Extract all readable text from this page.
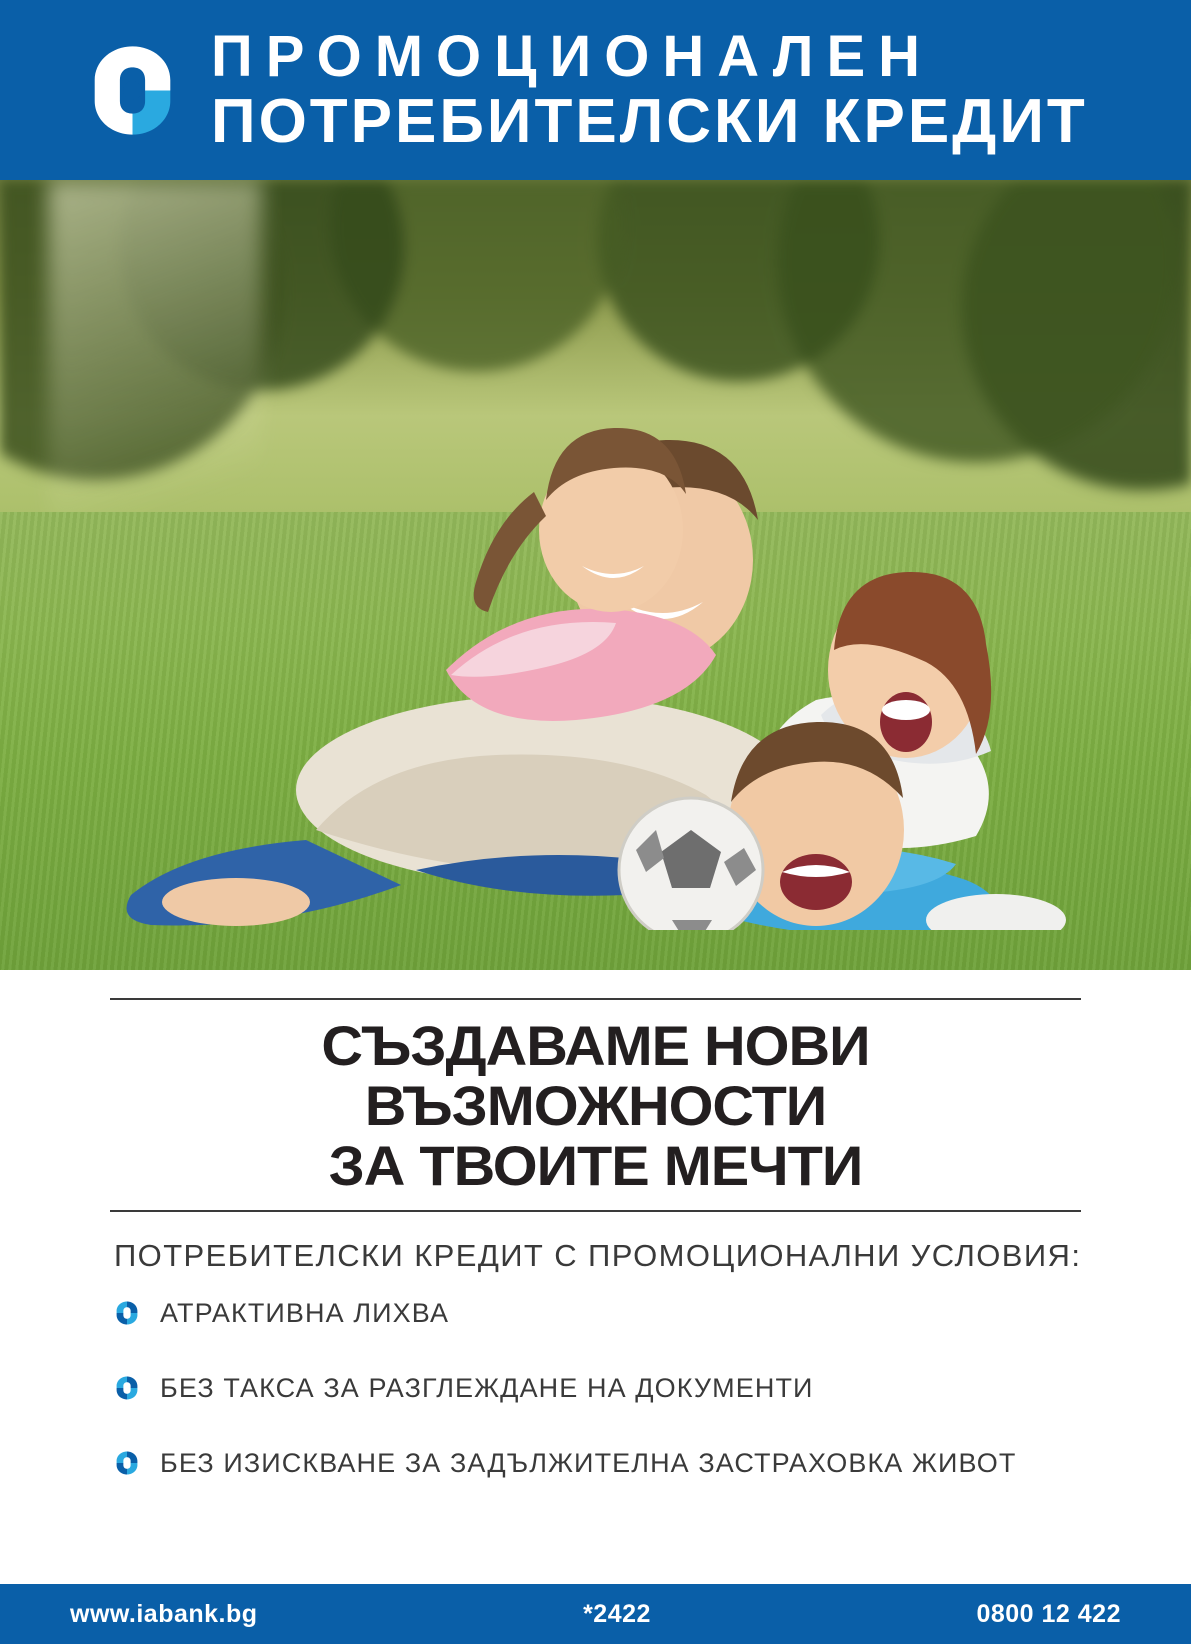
ПРОМОЦИОНАЛЕН
ПОТРЕБИТЕЛСКИ КРЕДИТ
СЪЗДАВАМЕ НОВИ ВЪЗМОЖНОСТИ
ЗА ТВОИТЕ МЕЧТИ
ПОТРЕБИТЕЛСКИ КРЕДИТ С ПРОМОЦИОНАЛНИ УСЛОВИЯ:
АТРАКТИВНА ЛИХВА
БЕЗ ТАКСА ЗА РАЗГЛЕЖДАНЕ НА ДОКУМЕНТИ
БЕЗ ИЗИСКВАНЕ ЗА ЗАДЪЛЖИТЕЛНА ЗАСТРАХОВКА ЖИВОТ
www.iabank.bg	*2422	0800 12 422
